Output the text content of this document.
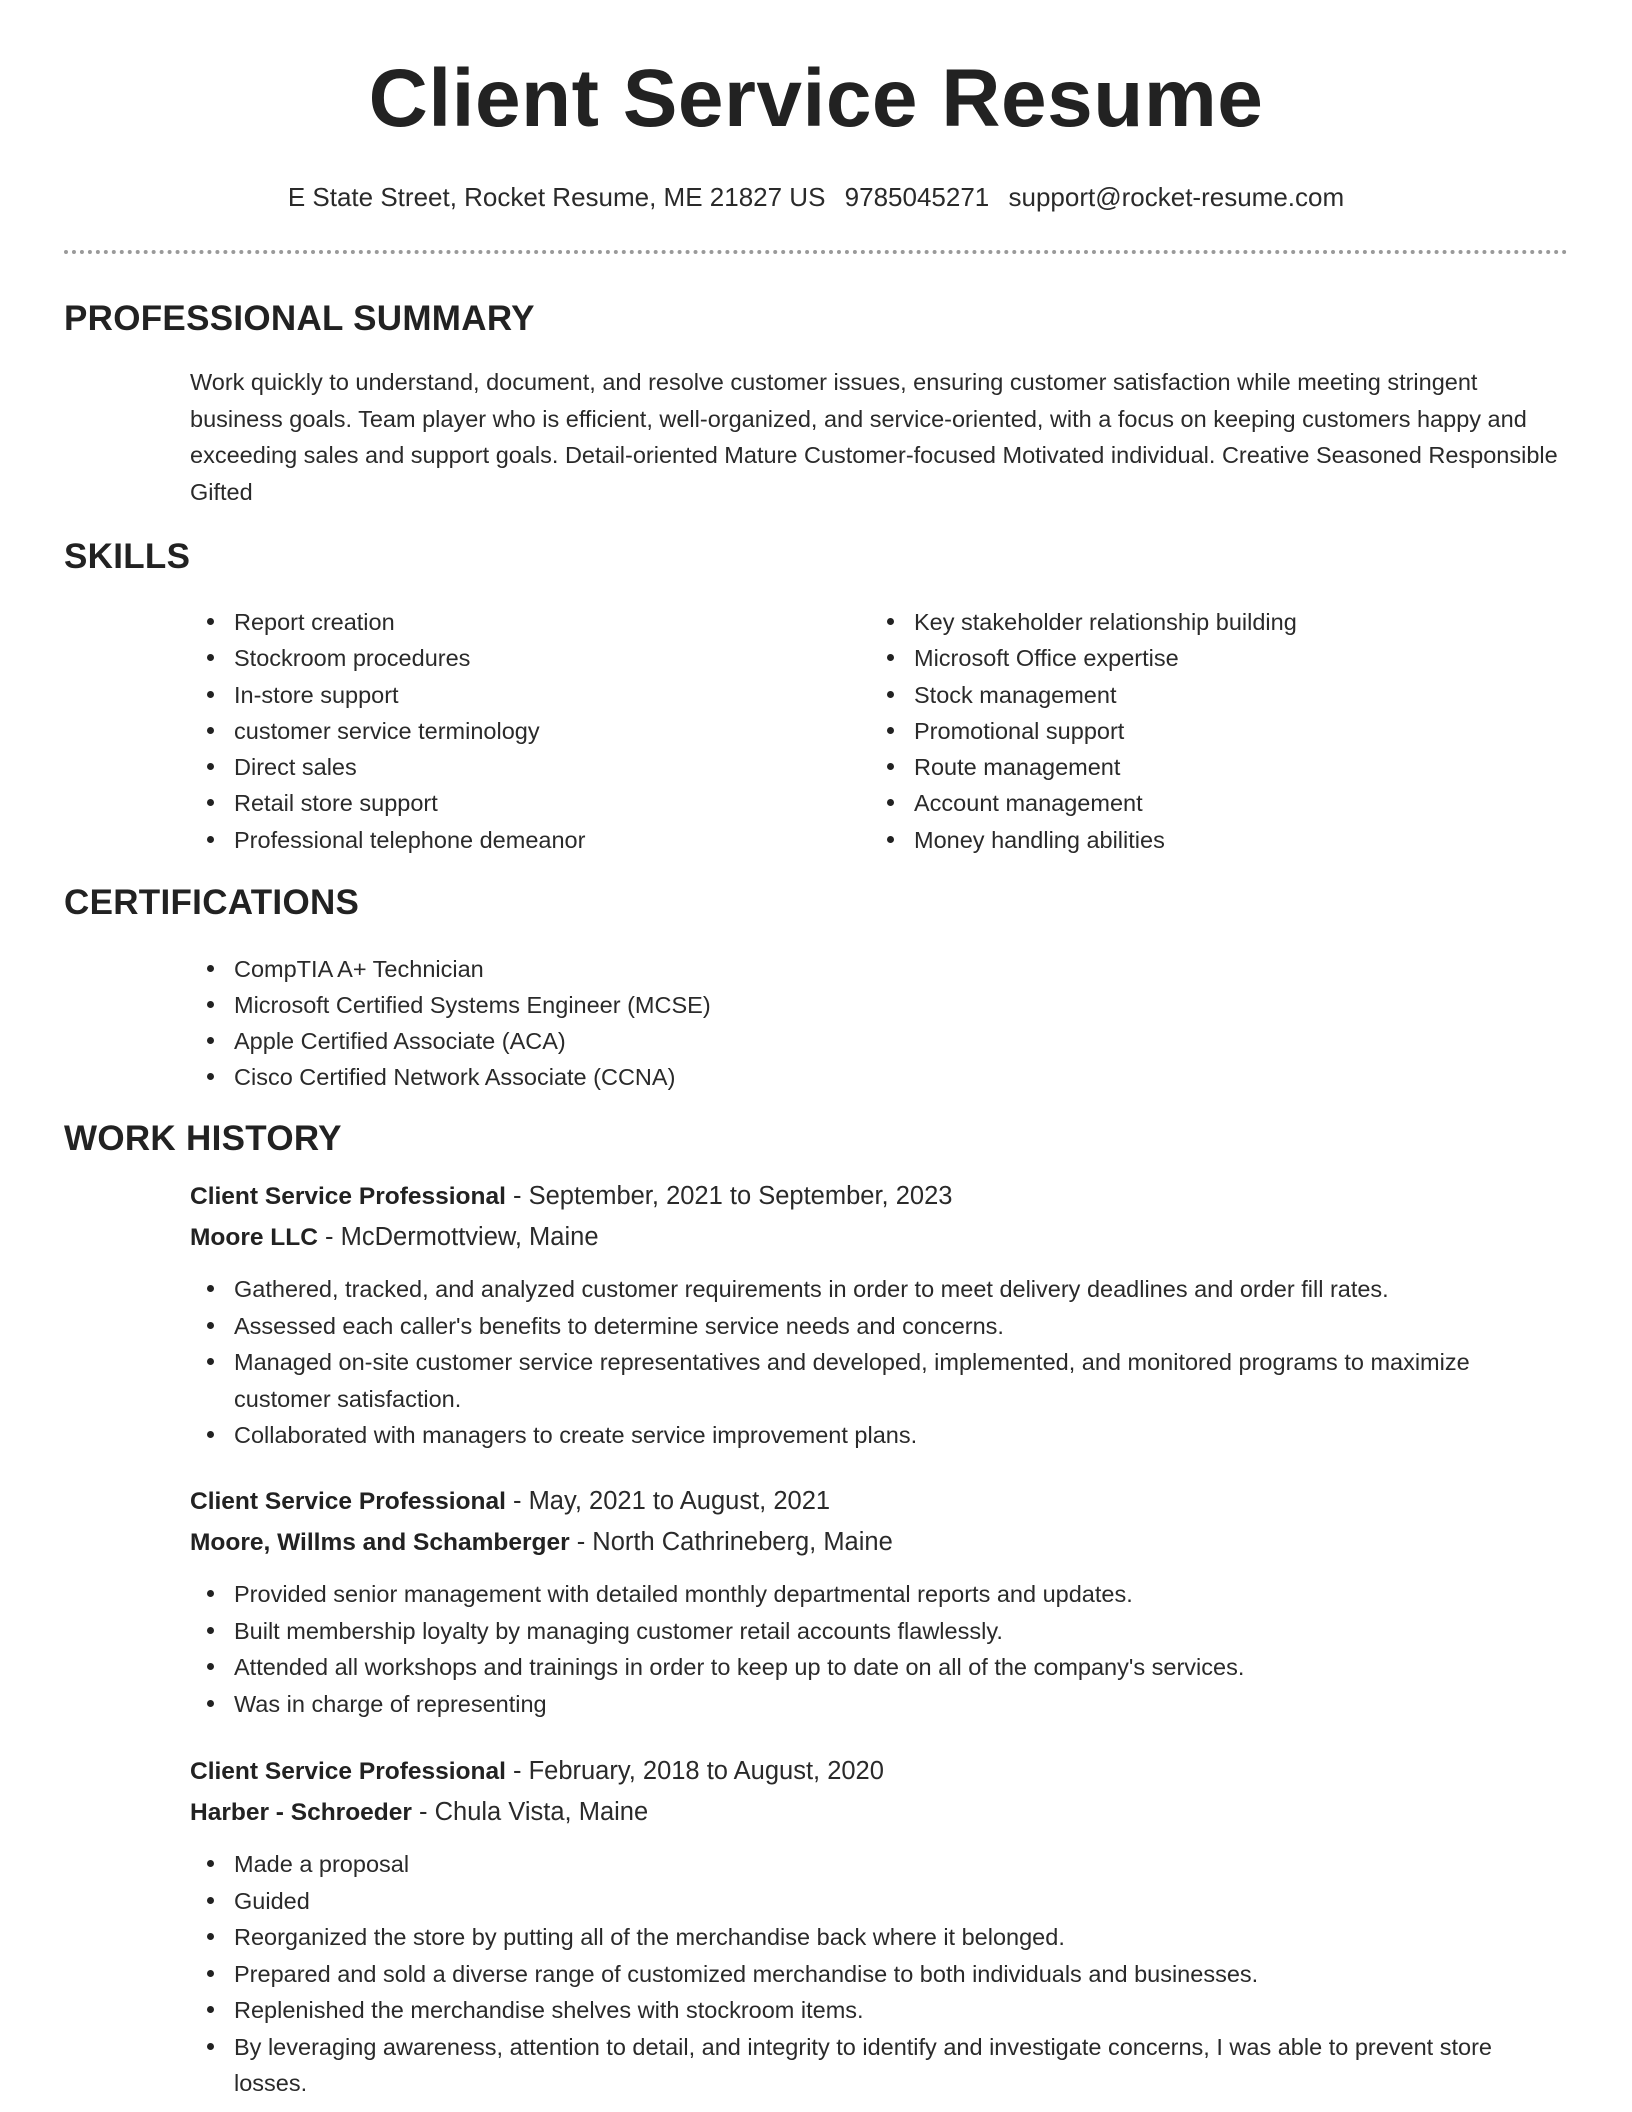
Client Service Resume
E State Street, Rocket Resume, ME 21827 US 9785045271 support@rocket-resume.com
PROFESSIONAL SUMMARY
Work quickly to understand, document, and resolve customer issues, ensuring customer satisfaction while meeting stringent business goals. Team player who is efficient, well-organized, and service-oriented, with a focus on keeping customers happy and exceeding sales and support goals. Detail-oriented Mature Customer-focused Motivated individual. Creative Seasoned Responsible Gifted
SKILLS
Report creation
Stockroom procedures
In-store support
customer service terminology
Direct sales
Retail store support
Professional telephone demeanor
Key stakeholder relationship building
Microsoft Office expertise
Stock management
Promotional support
Route management
Account management
Money handling abilities
CERTIFICATIONS
CompTIA A+ Technician
Microsoft Certified Systems Engineer (MCSE)
Apple Certified Associate (ACA)
Cisco Certified Network Associate (CCNA)
WORK HISTORY
Client Service Professional - September, 2021 to September, 2023
Moore LLC - McDermottview, Maine
Gathered, tracked, and analyzed customer requirements in order to meet delivery deadlines and order fill rates.
Assessed each caller's benefits to determine service needs and concerns.
Managed on-site customer service representatives and developed, implemented, and monitored programs to maximize customer satisfaction.
Collaborated with managers to create service improvement plans.
Client Service Professional - May, 2021 to August, 2021
Moore, Willms and Schamberger - North Cathrineberg, Maine
Provided senior management with detailed monthly departmental reports and updates.
Built membership loyalty by managing customer retail accounts flawlessly.
Attended all workshops and trainings in order to keep up to date on all of the company's services.
Was in charge of representing
Client Service Professional - February, 2018 to August, 2020
Harber - Schroeder - Chula Vista, Maine
Made a proposal
Guided
Reorganized the store by putting all of the merchandise back where it belonged.
Prepared and sold a diverse range of customized merchandise to both individuals and businesses.
Replenished the merchandise shelves with stockroom items.
By leveraging awareness, attention to detail, and integrity to identify and investigate concerns, I was able to prevent store losses.
